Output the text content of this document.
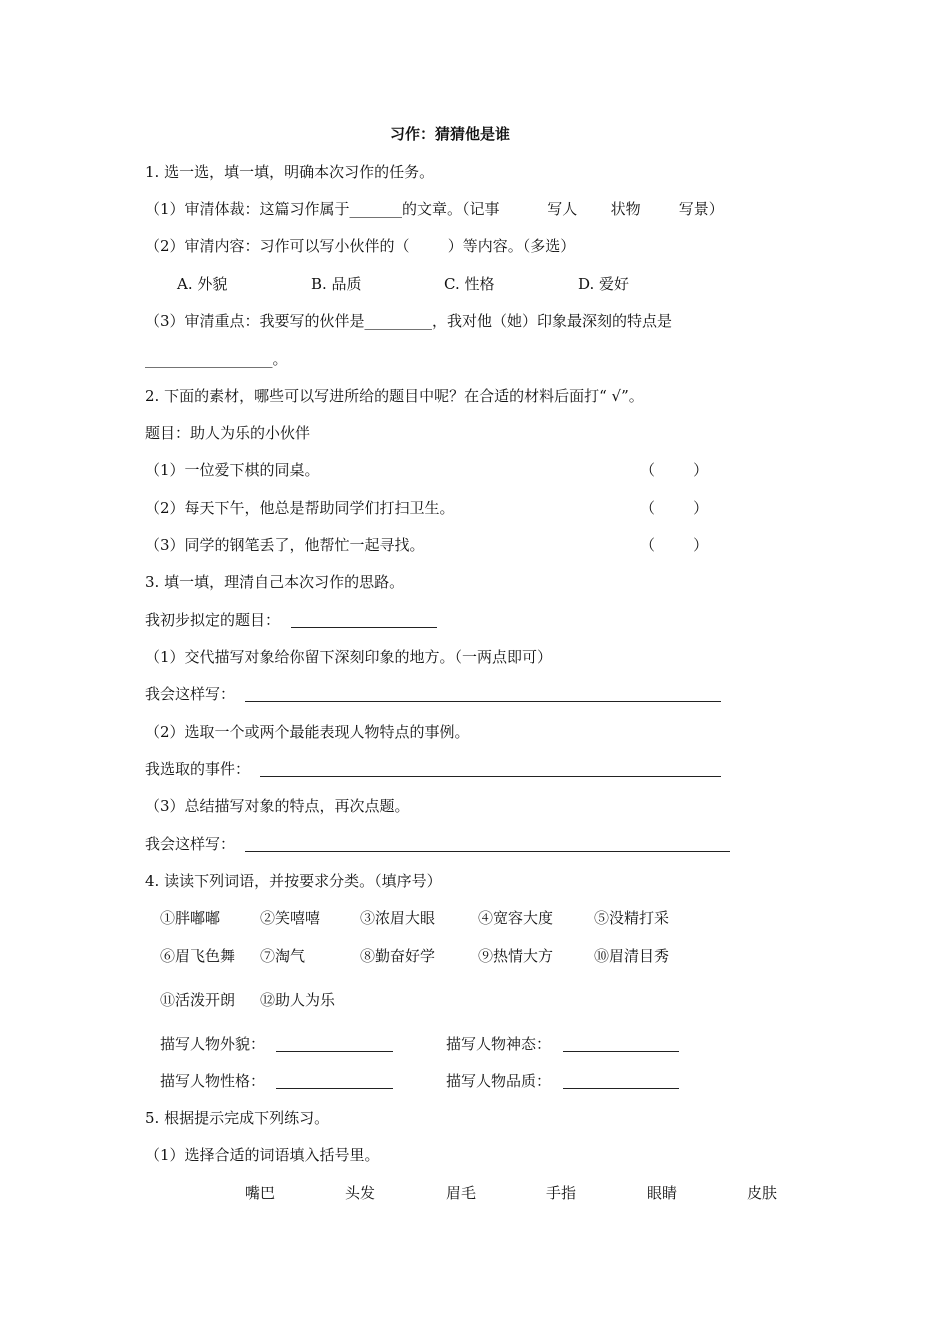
习作：猜猜他是谁
1. 选一选，填一填，明确本次习作的任务。
（1）审清体裁：这篇习作属于_______的文章。（记事          写人       状物        写景）
（2）审清内容：习作可以写小伙伴的（        ）等内容。（多选）
A. 外貌	B. 品质	C. 性格	D. 爱好
（3）审清重点：我要写的伙伴是_________，我对他（她）印象最深刻的特点是
_________________。
2. 下面的素材，哪些可以写进所给的题目中呢？在合适的材料后面打“ √”。
题目：助人为乐的小伙伴
（1）一位爱下棋的同桌。	（        ）
（2）每天下午，他总是帮助同学们打扫卫生。	（        ）
（3）同学的钢笔丢了，他帮忙一起寻找。	（        ）
3. 填一填，理清自己本次习作的思路。
我初步拟定的题目：
（1）交代描写对象给你留下深刻印象的地方。（一两点即可）
我会这样写：
（2）选取一个或两个最能表现人物特点的事例。
我选取的事件：
（3）总结描写对象的特点，再次点题。
我会这样写：
4. 读读下列词语，并按要求分类。（填序号）
①胖嘟嘟	②笑嘻嘻	③浓眉大眼	④宽容大度	⑤没精打采
⑥眉飞色舞 ⑦淘气	⑧勤奋好学	⑨热情大方	⑩眉清目秀
⑪活泼开朗 ⑫助人为乐
描写人物外貌：	描写人物神态：
描写人物性格：	描写人物品质：
5. 根据提示完成下列练习。
（1）选择合适的词语填入括号里。
嘴巴	头发	眉毛	手指	眼睛	皮肤
